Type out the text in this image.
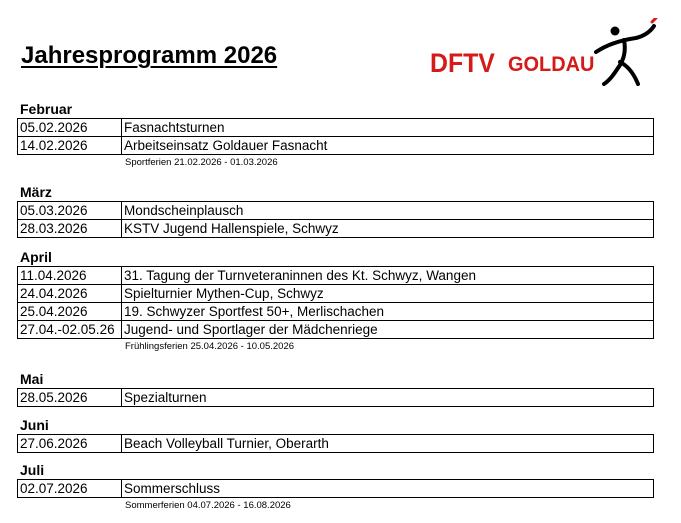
Jahresprogramm 2026	DFTV GOLDAU
Februar
05.02.2026	Fasnachtsturnen
14.02.2026	Arbeitseinsatz Goldauer Fasnacht
Sportferien 21.02.2026 - 01.03.2026
März
05.03.2026	Mondscheinplausch
28.03.2026	KSTV Jugend Hallenspiele, Schwyz
April
11.04.2026	31. Tagung der Turnveteraninnen des Kt. Schwyz, Wangen
24.04.2026	Spielturnier Mythen-Cup, Schwyz
25.04.2026	19. Schwyzer Sportfest 50+, Merlischachen
27.04.-02.05.26	Jugend- und Sportlager der Mädchenriege
Frühlingsferien 25.04.2026 - 10.05.2026
Mai
28.05.2026	Spezialturnen
Juni
27.06.2026	Beach Volleyball Turnier, Oberarth
Juli
02.07.2026	Sommerschluss
Sommerferien 04.07.2026 - 16.08.2026
